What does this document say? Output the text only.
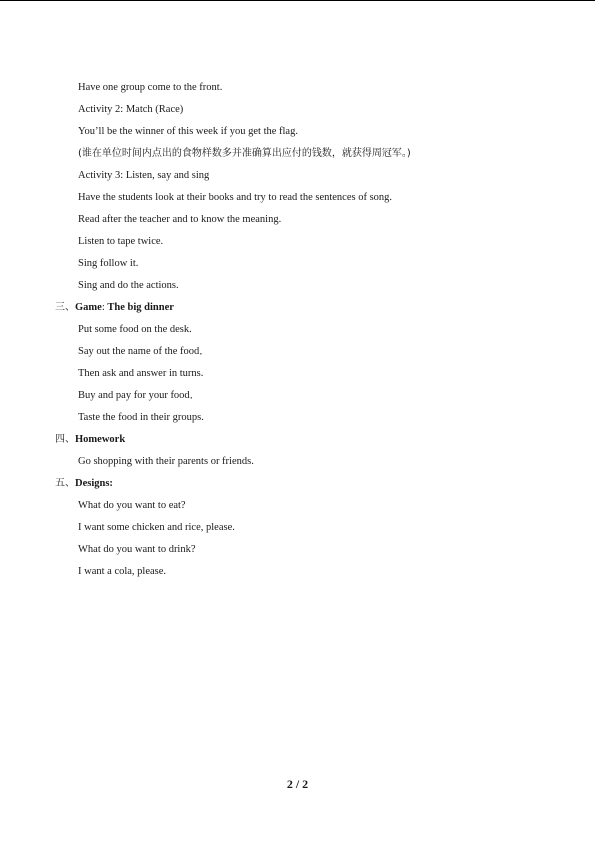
Have one group come to the front.
Activity 2: Match (Race)
You’ll be the winner of this week if you get the flag.
(谁在单位时间内点出的食物样数多并准确算出应付的钱数，就获得周冠军。)
Activity 3: Listen, say and sing
Have the students look at their books and try to read the sentences of song.
Read after the teacher and to know the meaning.
Listen to tape twice.
Sing follow it.
Sing and do the actions.
三、Game: The big dinner
Put some food on the desk.
Say out the name of the food．
Then ask and answer in turns.
Buy and pay for your food．
Taste the food in their groups.
四、Homework
Go shopping with their parents or friends.
五、Designs:
What do you want to eat?
I want some chicken and rice, please.
What do you want to drink?
I want a cola, please.
2 / 2
